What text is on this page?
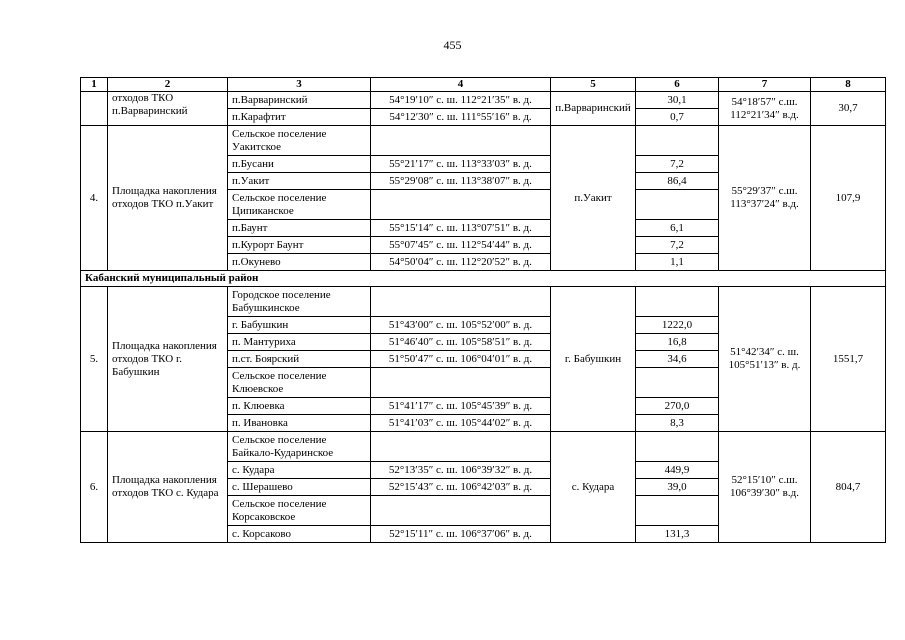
455
1	2	3	4	5	6	7	8
	отходов ТКО п.Варваринский	п.Варваринский	54°19′10″ с. ш. 112°21′35″ в. д.	п.Варваринский	30,1	54°18′57″ с.ш. 112°21′34″ в.д.	30,7
		п.Карафтит	54°12′30″ с. ш. 111°55′16″ в. д.		0,7		
4.	Площадка накопления отходов ТКО п.Уакит	Сельское поселение Уакитское		п.Уакит		55°29′37″ с.ш. 113°37′24″ в.д.	107,9
		п.Бусани	55°21′17″ с. ш. 113°33′03″ в. д.		7,2		
		п.Уакит	55°29′08″ с. ш. 113°38′07″ в. д.		86,4		
		Сельское поселение Ципиканское					
		п.Баунт	55°15′14″ с. ш. 113°07′51″ в. д.		6,1		
		п.Курорт Баунт	55°07′45″ с. ш. 112°54′44″ в. д.		7,2		
		п.Окунево	54°50′04″ с. ш. 112°20′52″ в. д.		1,1		
Кабанский муниципальный район							
5.	Площадка накопления отходов ТКО г. Бабушкин	Городское поселение Бабушкинское		г. Бабушкин		51°42′34″ с. ш. 105°51′13″ в. д.	1551,7
		г. Бабушкин	51°43′00″ с. ш. 105°52′00″ в. д.		1222,0		
		п. Мантуриха	51°46′40″ с. ш. 105°58′51″ в. д.		16,8		
		п.ст. Боярский	51°50′47″ с. ш. 106°04′01″ в. д.		34,6		
		Сельское поселение Клюевское					
		п. Клюевка	51°41′17″ с. ш. 105°45′39″ в. д.		270,0		
		п. Ивановка	51°41′03″ с. ш. 105°44′02″ в. д.		8,3		
6.	Площадка накопления отходов ТКО с. Кудара	Сельское поселение Байкало-Кударинское		с. Кудара		52°15′10″ с.ш. 106°39′30″ в.д.	804,7
		с. Кудара	52°13′35″ с. ш. 106°39′32″ в. д.		449,9		
		с. Шерашево	52°15′43″ с. ш. 106°42′03″ в. д.		39,0		
		Сельское поселение Корсаковское					
		с. Корсаково	52°15′11″ с. ш. 106°37′06″ в. д.		131,3		
